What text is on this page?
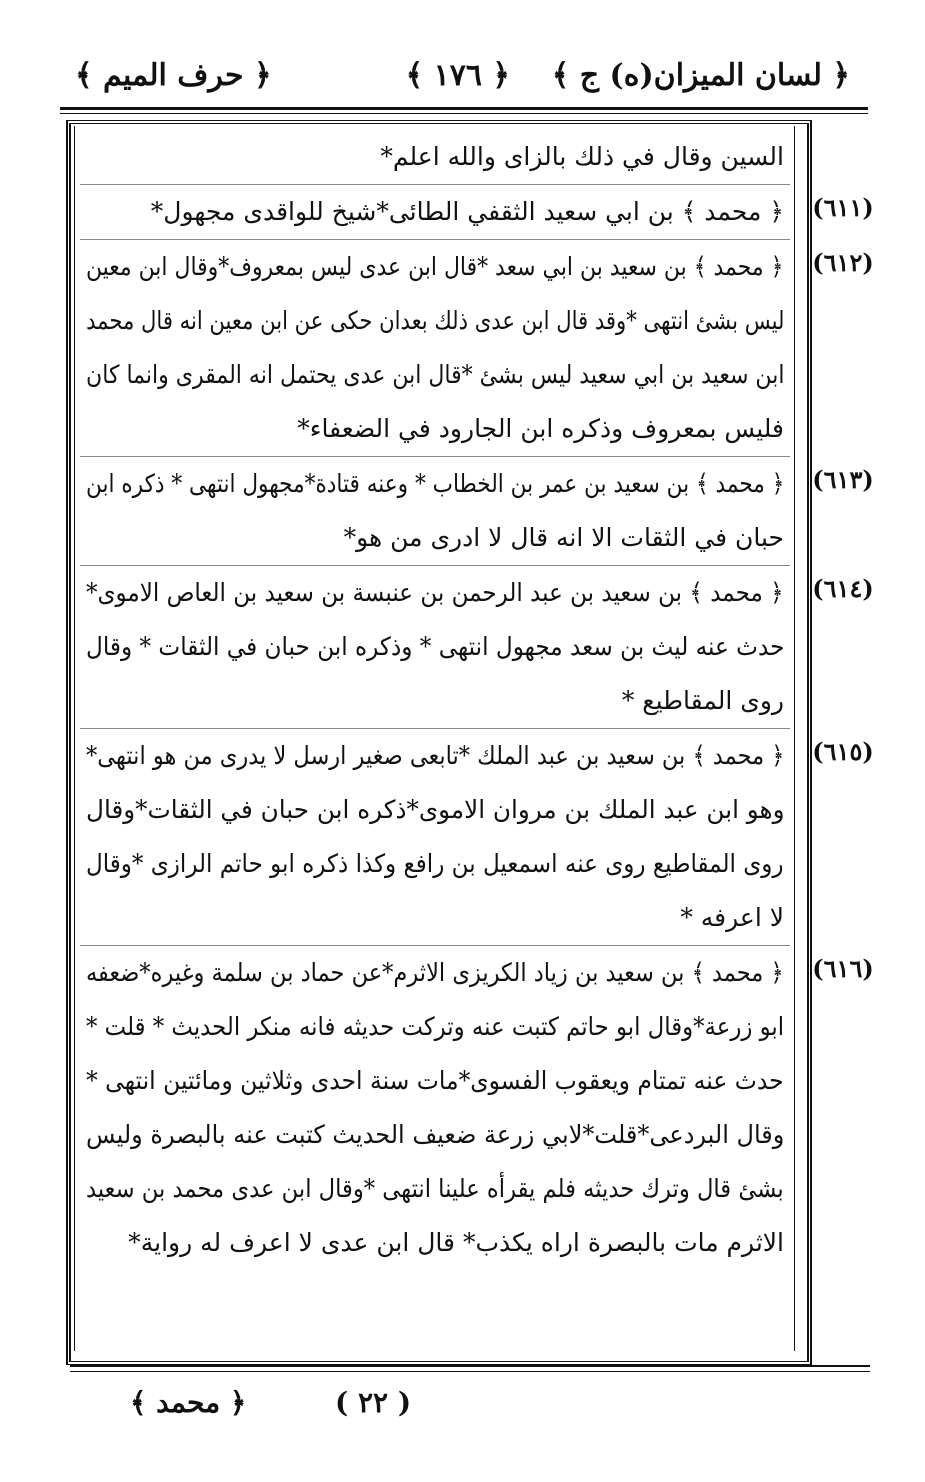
﴿ لسان الميزان(ه) ج ﴾
﴿ ١٧٦ ﴾
﴿ حرف الميم ﴾
السين وقال في ذلك بالزاى والله اعلم*
(٦١١)
﴿ محمد ﴾ بن ابي سعيد الثقفي الطائى*شيخ للواقدى مجهول*
(٦١٢)
﴿ محمد ﴾ بن سعيد بن ابي سعد *قال ابن عدى ليس بمعروف*وقال ابن معين
ليس بشئ انتهى *وقد قال ابن عدى ذلك بعدان حكى عن ابن معين انه قال محمد
ابن سعيد بن ابي سعيد ليس بشئ *قال ابن عدى يحتمل انه المقرى وانما كان
فليس بمعروف وذكره ابن الجارود في الضعفاء*
(٦١٣)
﴿ محمد ﴾ بن سعيد بن عمر بن الخطاب * وعنه قتادة*مجهول انتهى * ذكره ابن
حبان في الثقات الا انه قال لا ادرى من هو*
(٦١٤)
﴿ محمد ﴾ بن سعيد بن عبد الرحمن بن عنبسة بن سعيد بن العاص الاموى*
حدث عنه ليث بن سعد مجهول انتهى * وذكره ابن حبان في الثقات * وقال
روى المقاطيع *
(٦١٥)
﴿ محمد ﴾ بن سعيد بن عبد الملك *تابعى صغير ارسل لا يدرى من هو انتهى*
وهو ابن عبد الملك بن مروان الاموى*ذكره ابن حبان في الثقات*وقال
روى المقاطيع روى عنه اسمعيل بن رافع وكذا ذكره ابو حاتم الرازى *وقال
لا اعرفه *
(٦١٦)
﴿ محمد ﴾ بن سعيد بن زياد الكريزى الاثرم*عن حماد بن سلمة وغيره*ضعفه
ابو زرعة*وقال ابو حاتم كتبت عنه وتركت حديثه فانه منكر الحديث * قلت *
حدث عنه تمتام ويعقوب الفسوى*مات سنة احدى وثلاثين ومائتين انتهى *
وقال البردعى*قلت*لابي زرعة ضعيف الحديث كتبت عنه بالبصرة وليس
بشئ قال وترك حديثه فلم يقرأه علينا انتهى *وقال ابن عدى محمد بن سعيد
الاثرم مات بالبصرة اراه يكذب* قال ابن عدى لا اعرف له رواية*
﴿ محمد ﴾	( ٢٢ )
